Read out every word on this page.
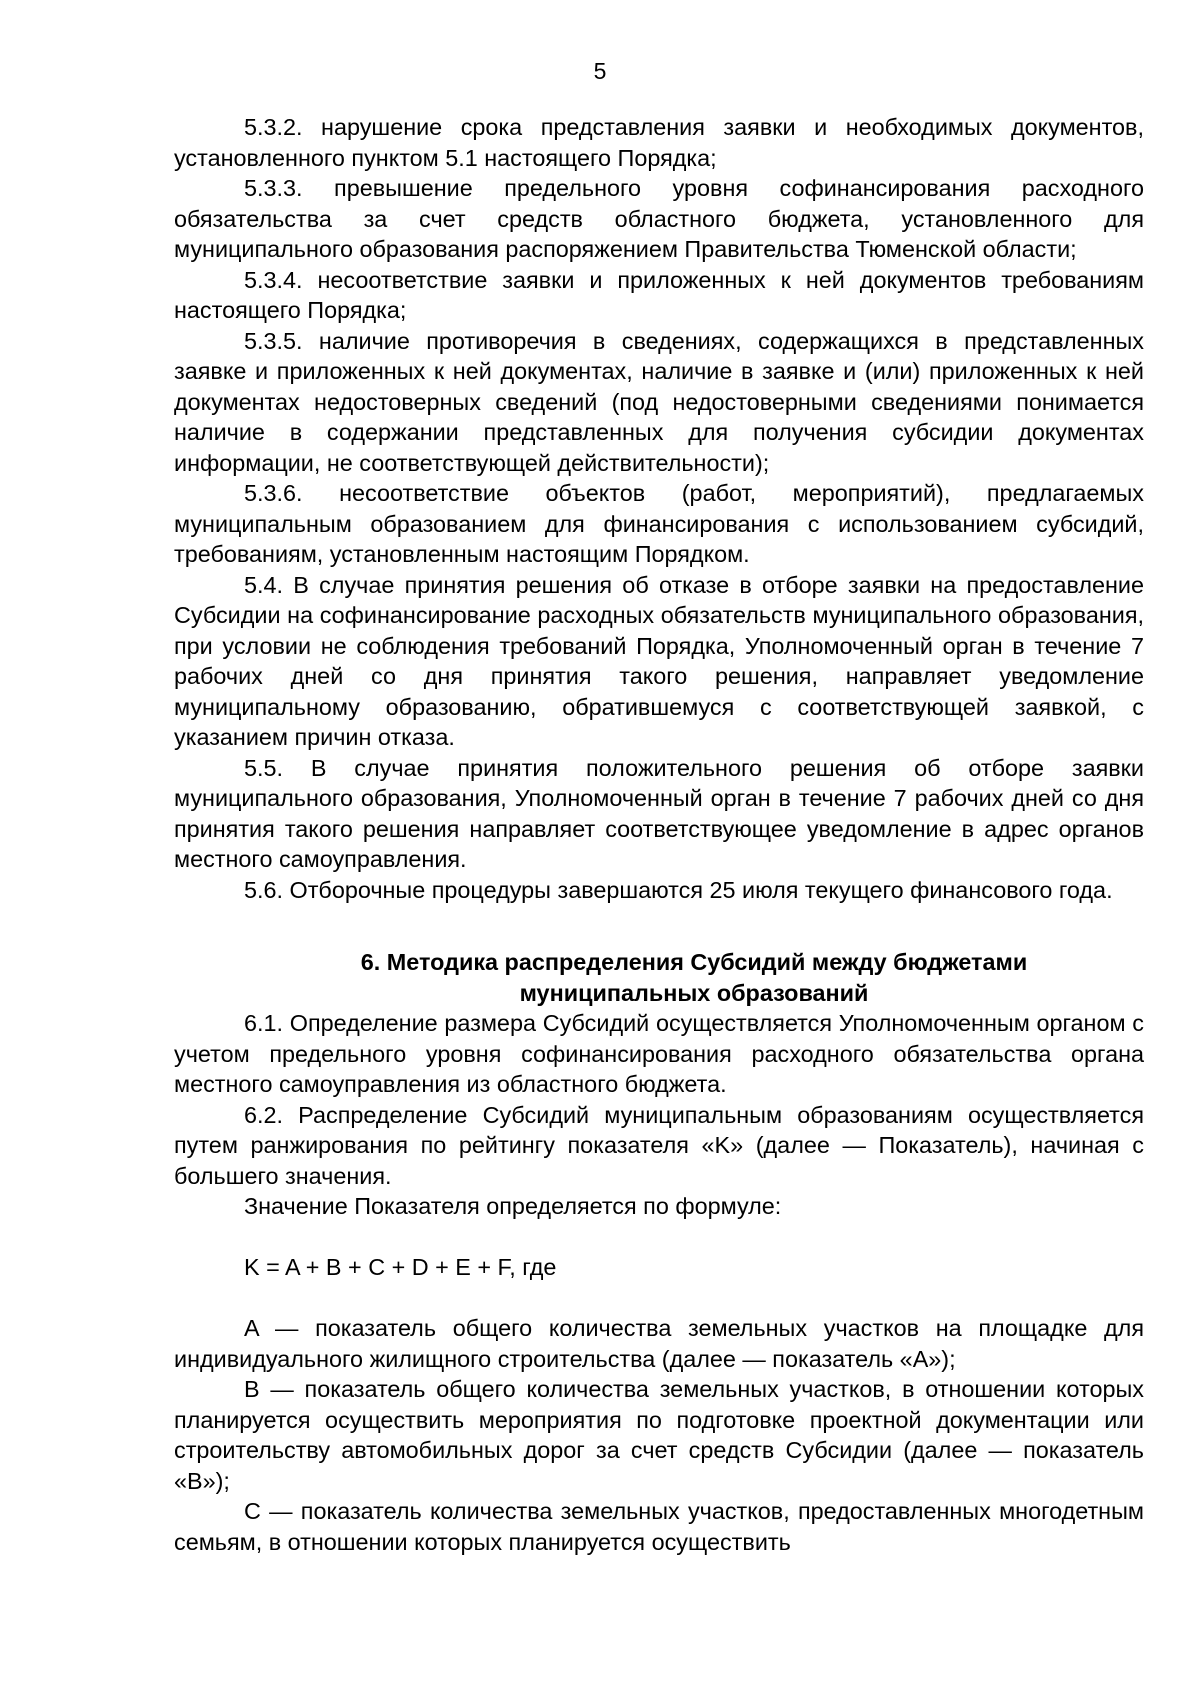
5

5.3.2. нарушение срока представления заявки и необходимых документов, установленного пунктом 5.1 настоящего Порядка;

5.3.3. превышение предельного уровня софинансирования расходного обязательства за счет средств областного бюджета, установленного для муниципального образования распоряжением Правительства Тюменской области;

5.3.4. несоответствие заявки и приложенных к ней документов требованиям настоящего Порядка;

5.3.5. наличие противоречия в сведениях, содержащихся в представленных заявке и приложенных к ней документах, наличие в заявке и (или) приложенных к ней документах недостоверных сведений (под недостоверными сведениями понимается наличие в содержании представленных для получения субсидии документах информации, не соответствующей действительности);

5.3.6. несоответствие объектов (работ, мероприятий), предлагаемых муниципальным образованием для финансирования с использованием субсидий, требованиям, установленным настоящим Порядком.

5.4. В случае принятия решения об отказе в отборе заявки на предоставление Субсидии на софинансирование расходных обязательств муниципального образования, при условии не соблюдения требований Порядка, Уполномоченный орган в течение 7 рабочих дней со дня принятия такого решения, направляет уведомление муниципальному образованию, обратившемуся с соответствующей заявкой, с указанием причин отказа.

5.5. В случае принятия положительного решения об отборе заявки муниципального образования, Уполномоченный орган в течение 7 рабочих дней со дня принятия такого решения направляет соответствующее уведомление в адрес органов местного самоуправления.

5.6. Отборочные процедуры завершаются 25 июля текущего финансового года.

6. Методика распределения Субсидий между бюджетами

муниципальных образований

6.1. Определение размера Субсидий осуществляется Уполномоченным органом с учетом предельного уровня софинансирования расходного обязательства органа местного самоуправления из областного бюджета.

6.2. Распределение Субсидий муниципальным образованиям осуществляется путем ранжирования по рейтингу показателя «K» (далее — Показатель), начиная с большего значения.

Значение Показателя определяется по формуле:

K = A + B + C + D + E + F, где

A — показатель общего количества земельных участков на площадке для индивидуального жилищного строительства (далее — показатель «A»);

B — показатель общего количества земельных участков, в отношении которых планируется осуществить мероприятия по подготовке проектной документации или строительству автомобильных дорог за счет средств Субсидии (далее — показатель «B»);

C — показатель количества земельных участков, предоставленных многодетным семьям, в отношении которых планируется осуществить
